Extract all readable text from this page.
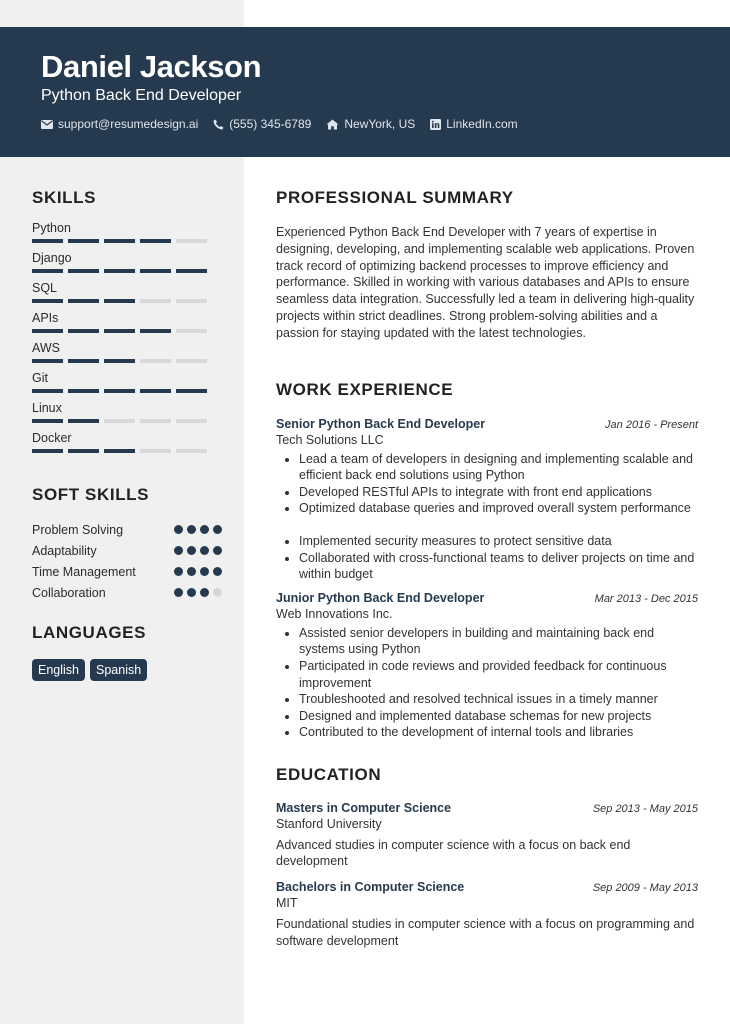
Daniel Jackson
Python Back End Developer
support@resumedesign.ai	(555) 345-6789	NewYork, US	LinkedIn.com
SKILLS
Python
Django
SQL
APIs
AWS
Git
Linux
Docker
SOFT SKILLS
Problem Solving
Adaptability
Time Management
Collaboration
LANGUAGES
English	Spanish
PROFESSIONAL SUMMARY

Experienced Python Back End Developer with 7 years of expertise in designing, developing, and implementing scalable web applications. Proven track record of optimizing backend processes to improve efficiency and performance. Skilled in working with various databases and APIs to ensure seamless data integration. Successfully led a team in delivering high-quality projects within strict deadlines. Strong problem-solving abilities and a passion for staying updated with the latest technologies.

WORK EXPERIENCE
Senior Python Back End Developer	Jan 2016 - Present
Tech Solutions LLC
• Lead a team of developers in designing and implementing scalable and efficient back end solutions using Python
• Developed RESTful APIs to integrate with front end applications
• Optimized database queries and improved overall system performance
• Implemented security measures to protect sensitive data
• Collaborated with cross-functional teams to deliver projects on time and within budget
Junior Python Back End Developer	Mar 2013 - Dec 2015
Web Innovations Inc.
• Assisted senior developers in building and maintaining back end systems using Python
• Participated in code reviews and provided feedback for continuous improvement
• Troubleshooted and resolved technical issues in a timely manner
• Designed and implemented database schemas for new projects
• Contributed to the development of internal tools and libraries
EDUCATION
Masters in Computer Science	Sep 2013 - May 2015
Stanford University

Advanced studies in computer science with a focus on back end development

Bachelors in Computer Science	Sep 2009 - May 2013
MIT

Foundational studies in computer science with a focus on programming and software development
